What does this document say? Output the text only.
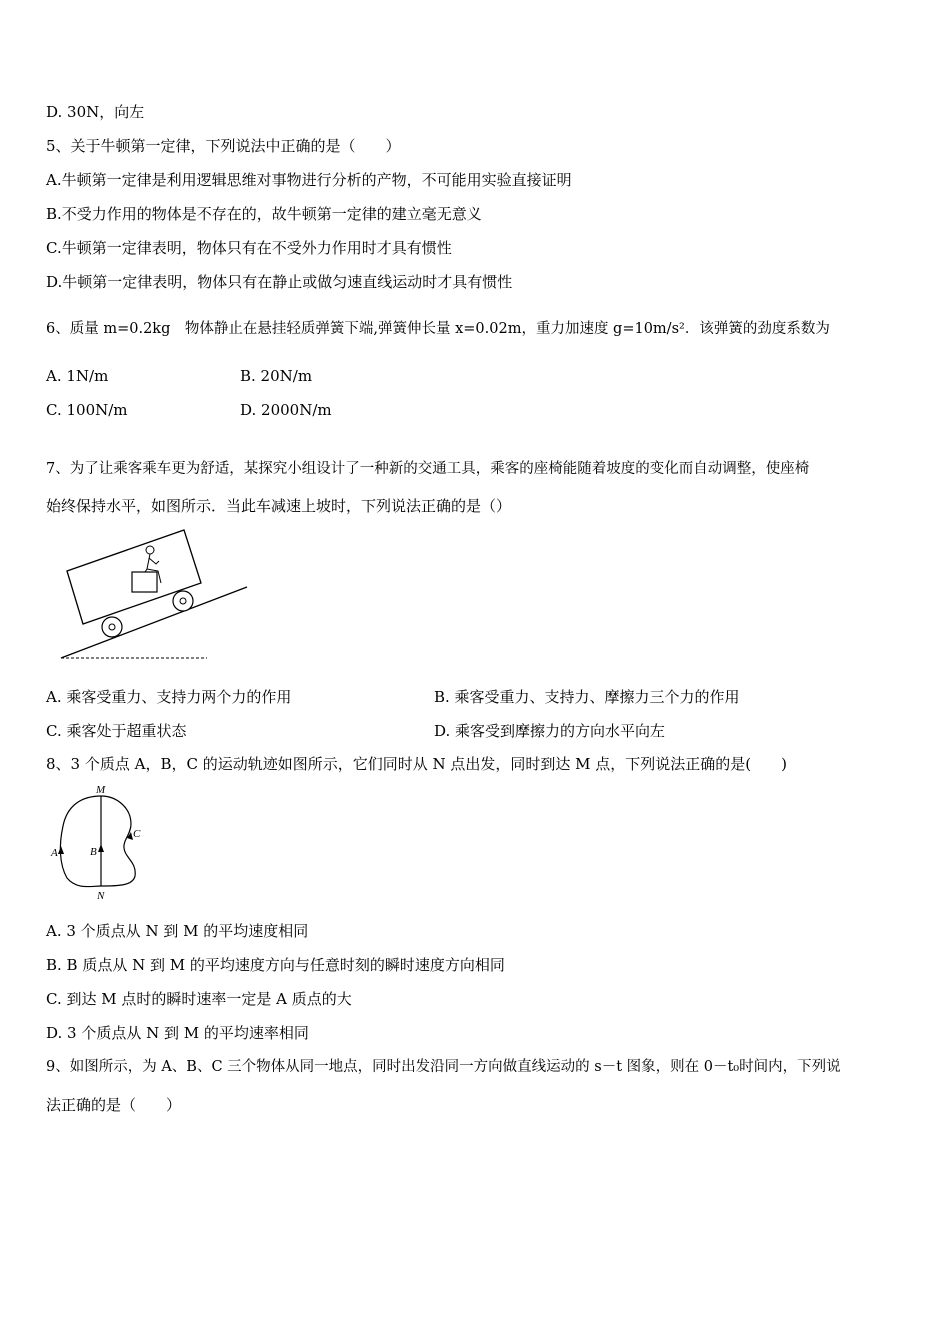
D. 30N，向左
5、关于牛顿第一定律，下列说法中正确的是（　　）
A.牛顿第一定律是利用逻辑思维对事物进行分析的产物，不可能用实验直接证明
B.不受力作用的物体是不存在的，故牛顿第一定律的建立毫无意义
C.牛顿第一定律表明，物体只有在不受外力作用时才具有惯性
D.牛顿第一定律表明，物体只有在静止或做匀速直线运动时才具有惯性
6、质量 m=0.2kg　物体静止在悬挂轻质弹簧下端,弹簧伸长量 x=0.02m，重力加速度 g=10m/s²．该弹簧的劲度系数为
A. 1N/m	B. 20N/m
C. 100N/m	D. 2000N/m
7、为了让乘客乘车更为舒适，某探究小组设计了一种新的交通工具，乘客的座椅能随着坡度的变化而自动调整，使座椅
始终保持水平，如图所示．当此车减速上坡时，下列说法正确的是（）
A. 乘客受重力、支持力两个力的作用	B. 乘客受重力、支持力、摩擦力三个力的作用
C. 乘客处于超重状态	D. 乘客受到摩擦力的方向水平向左
8、3 个质点 A，B，C 的运动轨迹如图所示，它们同时从 N 点出发，同时到达 M 点，下列说法正确的是(　　)
M
N
A	B
C
A. 3 个质点从 N 到 M 的平均速度相同
B. B 质点从 N 到 M 的平均速度方向与任意时刻的瞬时速度方向相同
C. 到达 M 点时的瞬时速率一定是 A 质点的大
D. 3 个质点从 N 到 M 的平均速率相同
9、如图所示，为 A、B、C 三个物体从同一地点，同时出发沿同一方向做直线运动的 s－t 图象，则在 0－t₀时间内，下列说
法正确的是（　　）
